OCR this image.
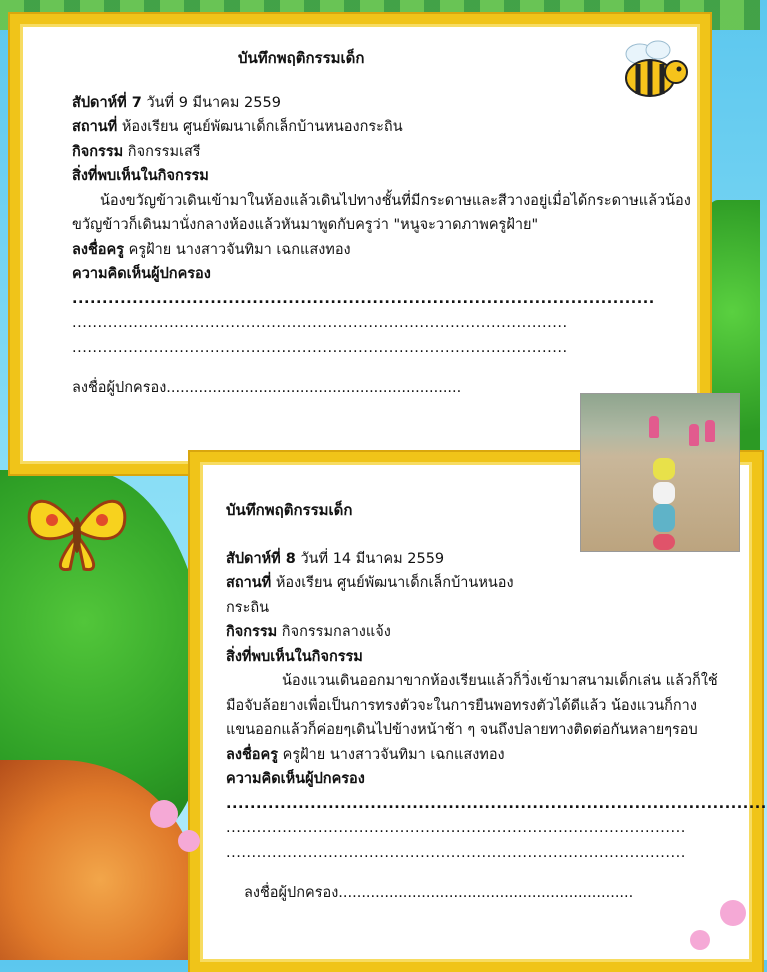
บันทึกพฤติกรรมเด็ก
สัปดาห์ที่ 7 วันที่ 9 มีนาคม 2559
สถานที่ ห้องเรียน ศูนย์พัฒนาเด็กเล็กบ้านหนองกระถิน
กิจกรรม กิจกรรมเสรี
สิ่งที่พบเห็นในกิจกรรม
น้องขวัญข้าวเดินเข้ามาในห้องแล้วเดินไปทางชั้นที่มีกระดาษและสีวางอยู่เมื่อได้กระดาษแล้วน้องขวัญข้าวก็เดินมานั่งกลางห้องแล้วหันมาพูดกับครูว่า "หนูจะวาดภาพครูฝ้าย"
ลงชื่อครู ครูฝ้าย นางสาวจันทิมา เฉกแสงทอง
ความคิดเห็นผู้ปกครอง
.................................................................................................
.................................................................................................
.................................................................................................
ลงชื่อผู้ปกครอง................................................................
บันทึกพฤติกรรมเด็ก
สัปดาห์ที่ 8 วันที่ 14 มีนาคม 2559
สถานที่ ห้องเรียน ศูนย์พัฒนาเด็กเล็กบ้านหนอง
กระถิน
กิจกรรม กิจกรรมกลางแจ้ง
สิ่งที่พบเห็นในกิจกรรม
น้องแวนเดินออกมาขากห้องเรียนแล้วก็วิ่งเข้ามาสนามเด็กเล่น แล้วก็ใช้มือจับล้อยางเพื่อเป็นการทรงตัวจะในการยืนพอทรงตัวได้ดีแล้ว น้องแวนก็กางแขนออกแล้วก็ค่อยๆเดินไปข้างหน้าช้า ๆ จนถึงปลายทางติดต่อกันหลายๆรอบ
ลงชื่อครู ครูฝ้าย นางสาวจันทิมา เฉกแสงทอง
ความคิดเห็นผู้ปกครอง
..........................................................................................
..........................................................................................
..........................................................................................
ลงชื่อผู้ปกครอง................................................................
